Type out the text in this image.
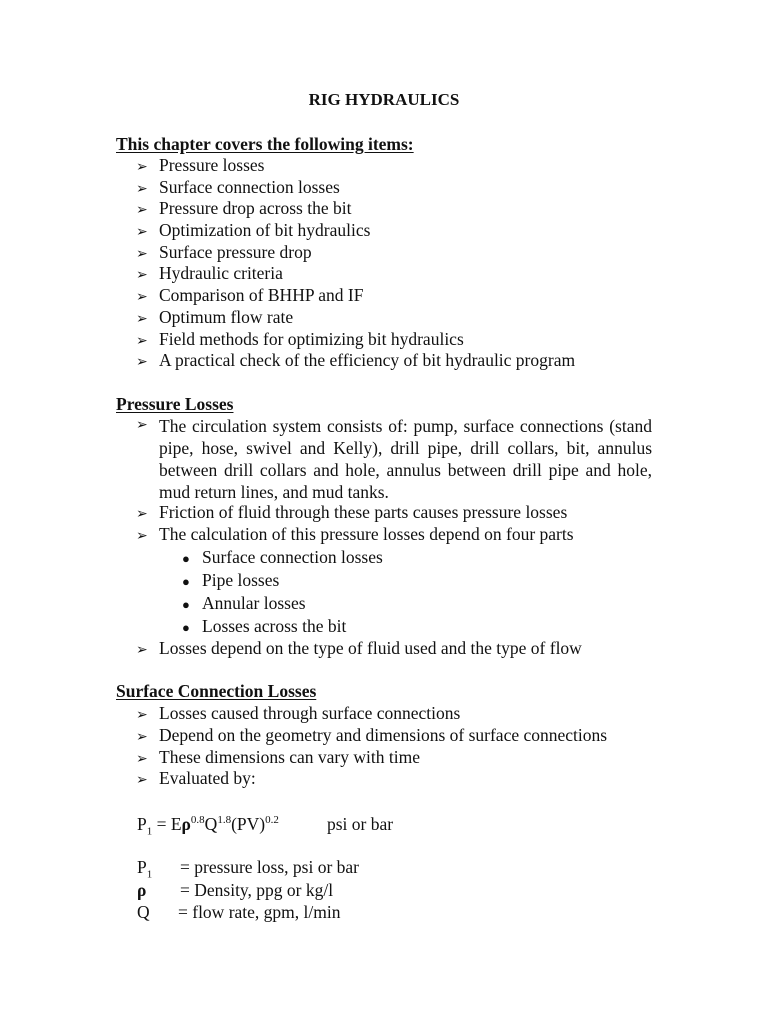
RIG HYDRAULICS
This chapter covers the following items:
➢ Pressure losses
➢ Surface connection losses
➢ Pressure drop across the bit
➢ Optimization of bit hydraulics
➢ Surface pressure drop
➢ Hydraulic criteria
➢ Comparison of BHHP and IF
➢ Optimum flow rate
➢ Field methods for optimizing bit hydraulics
➢ A practical check of the efficiency of bit hydraulic program
Pressure Losses
➢ The circulation system consists of: pump, surface connections (stand pipe, hose, swivel and Kelly), drill pipe, drill collars, bit, annulus between drill collars and hole, annulus between drill pipe and hole, mud return lines, and mud tanks.
➢ Friction of fluid through these parts causes pressure losses
➢ The calculation of this pressure losses depend on four parts
● Surface connection losses
● Pipe losses
● Annular losses
● Losses across the bit
➢ Losses depend on the type of fluid used and the type of flow
Surface Connection Losses
➢ Losses caused through surface connections
➢ Depend on the geometry and dimensions of surface connections
➢ These dimensions can vary with time
➢ Evaluated by:
$P_1 = E\rho^{0.8}Q^{1.8}(PV)^{0.2}$	psi or bar
$P_1$ = pressure loss, psi or bar
ρ = Density, ppg or kg/l
Q = flow rate, gpm, l/min
